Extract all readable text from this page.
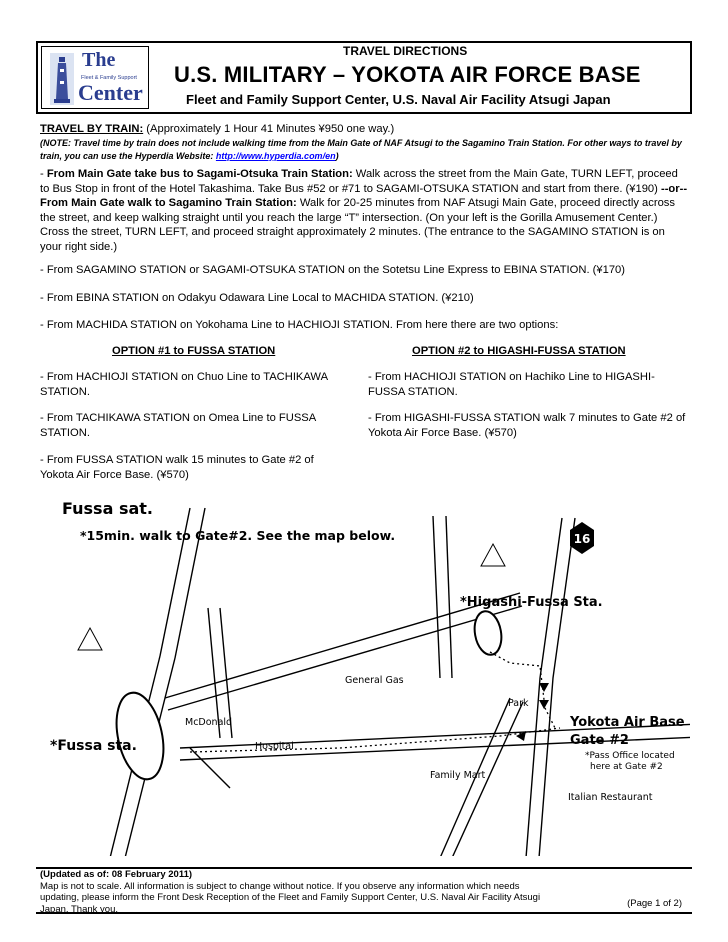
The
Fleet & Family Support
Center
TRAVEL DIRECTIONS
U.S. MILITARY – YOKOTA AIR FORCE BASE
Fleet and Family Support Center, U.S. Naval Air Facility Atsugi Japan
TRAVEL BY TRAIN: (Approximately 1 Hour 41 Minutes ¥950 one way.)
(NOTE: Travel time by train does not include walking time from the Main Gate of NAF Atsugi to the Sagamino Train Station. For other ways to travel by train, you can use the Hyperdia Website: http://www.hyperdia.com/en)
- From Main Gate take bus to Sagami-Otsuka Train Station: Walk across the street from the Main Gate, TURN LEFT, proceed to Bus Stop in front of the Hotel Takashima. Take Bus #52 or #71 to SAGAMI-OTSUKA STATION and start from there. (¥190) --or-- From Main Gate walk to Sagamino Train Station: Walk for 20-25 minutes from NAF Atsugi Main Gate, proceed directly across the street, and keep walking straight until you reach the large “T” intersection. (On your left is the Gorilla Amusement Center.) Cross the street, TURN LEFT, and proceed straight approximately 2 minutes. (The entrance to the SAGAMINO STATION is on your right side.)
- From SAGAMINO STATION or SAGAMI-OTSUKA STATION on the Sotetsu Line Express to EBINA STATION. (¥170)
- From EBINA STATION on Odakyu Odawara Line Local to MACHIDA STATION. (¥210)
- From MACHIDA STATION on Yokohama Line to HACHIOJI STATION. From here there are two options:
OPTION #1 to FUSSA STATION	OPTION #2 to HIGASHI-FUSSA STATION
- From HACHIOJI STATION on Chuo Line to TACHIKAWA STATION.
- From TACHIKAWA STATION on Omea Line to FUSSA STATION.
- From FUSSA STATION walk 15 minutes to Gate #2 of Yokota Air Force Base. (¥570)
- From HACHIOJI STATION on Hachiko Line to HIGASHI-FUSSA STATION.
- From HIGASHI-FUSSA STATION walk 7 minutes to Gate #2 of Yokota Air Force Base. (¥570)
Fussa sat.
*15min. walk to Gate#2. See the map below.	16
*Fussa sta.
*Higashi-Fussa Sta.
McDonald
Hospital
General Gas
Park
Family Mart
Yokota Air Base
Gate #2
*Pass Office located
here at Gate #2
Italian Restaurant
(Updated as of: 08 February 2011)
Map is not to scale. All information is subject to change without notice. If you observe any information which needs updating, please inform the Front Desk Reception of the Fleet and Family Support Center, U.S. Naval Air Facility Atsugi Japan. Thank you.
(Page 1 of 2)
